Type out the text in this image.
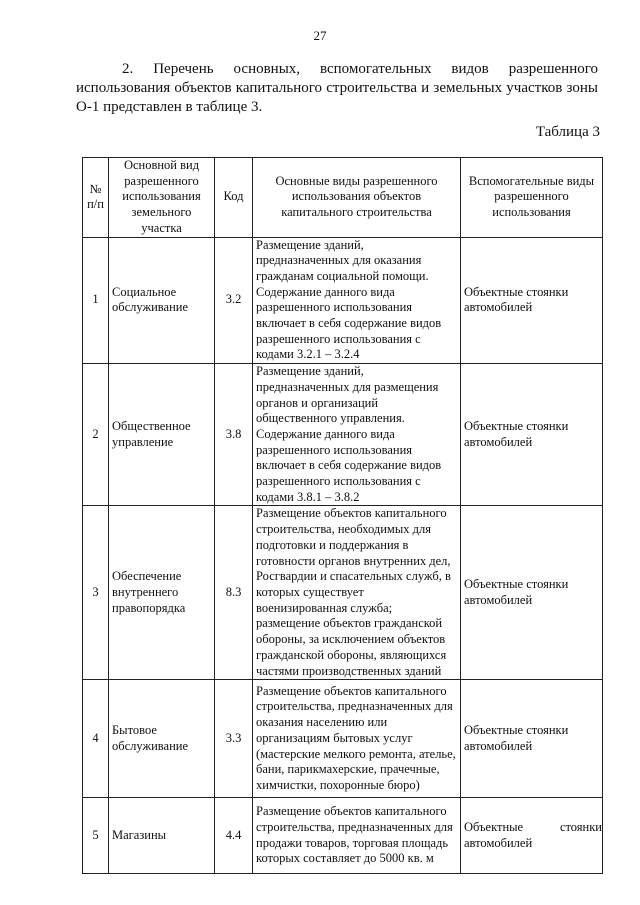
27

2. Перечень основных, вспомогательных видов разрешенного использования объектов капитального строительства и земельных участков зоны О-1 представлен в таблице 3.

Таблица 3
№ п/п	Основной вид разрешенного использования земельного участка	Код	Основные виды разрешенного использования объектов капитального строительства	Вспомогательные виды разрешенного использования
1	Социальное обслуживание	3.2	Размещение зданий, предназначенных для оказания гражданам социальной помощи. Содержание данного вида разрешенного использования включает в себя содержание видов разрешенного использования с кодами 3.2.1 – 3.2.4	Объектные стоянки автомобилей
2	Общественное управление	3.8	Размещение зданий, предназначенных для размещения органов и организаций общественного управления. Содержание данного вида разрешенного использования включает в себя содержание видов разрешенного использования с кодами 3.8.1 – 3.8.2	Объектные стоянки автомобилей
3	Обеспечение внутреннего правопорядка	8.3	Размещение объектов капитального строительства, необходимых для подготовки и поддержания в готовности органов внутренних дел, Росгвардии и спасательных служб, в которых существует военизированная служба; размещение объектов гражданской обороны, за исключением объектов гражданской обороны, являющихся частями производственных зданий	Объектные стоянки автомобилей
4	Бытовое обслуживание	3.3	Размещение объектов капитального строительства, предназначенных для оказания населению или организациям бытовых услуг (мастерские мелкого ремонта, ателье, бани, парикмахерские, прачечные, химчистки, похоронные бюро)	Объектные стоянки автомобилей
5	Магазины	4.4	Размещение объектов капитального строительства, предназначенных для продажи товаров, торговая площадь которых составляет до 5000 кв. м	Объектные стоянки автомобилей
